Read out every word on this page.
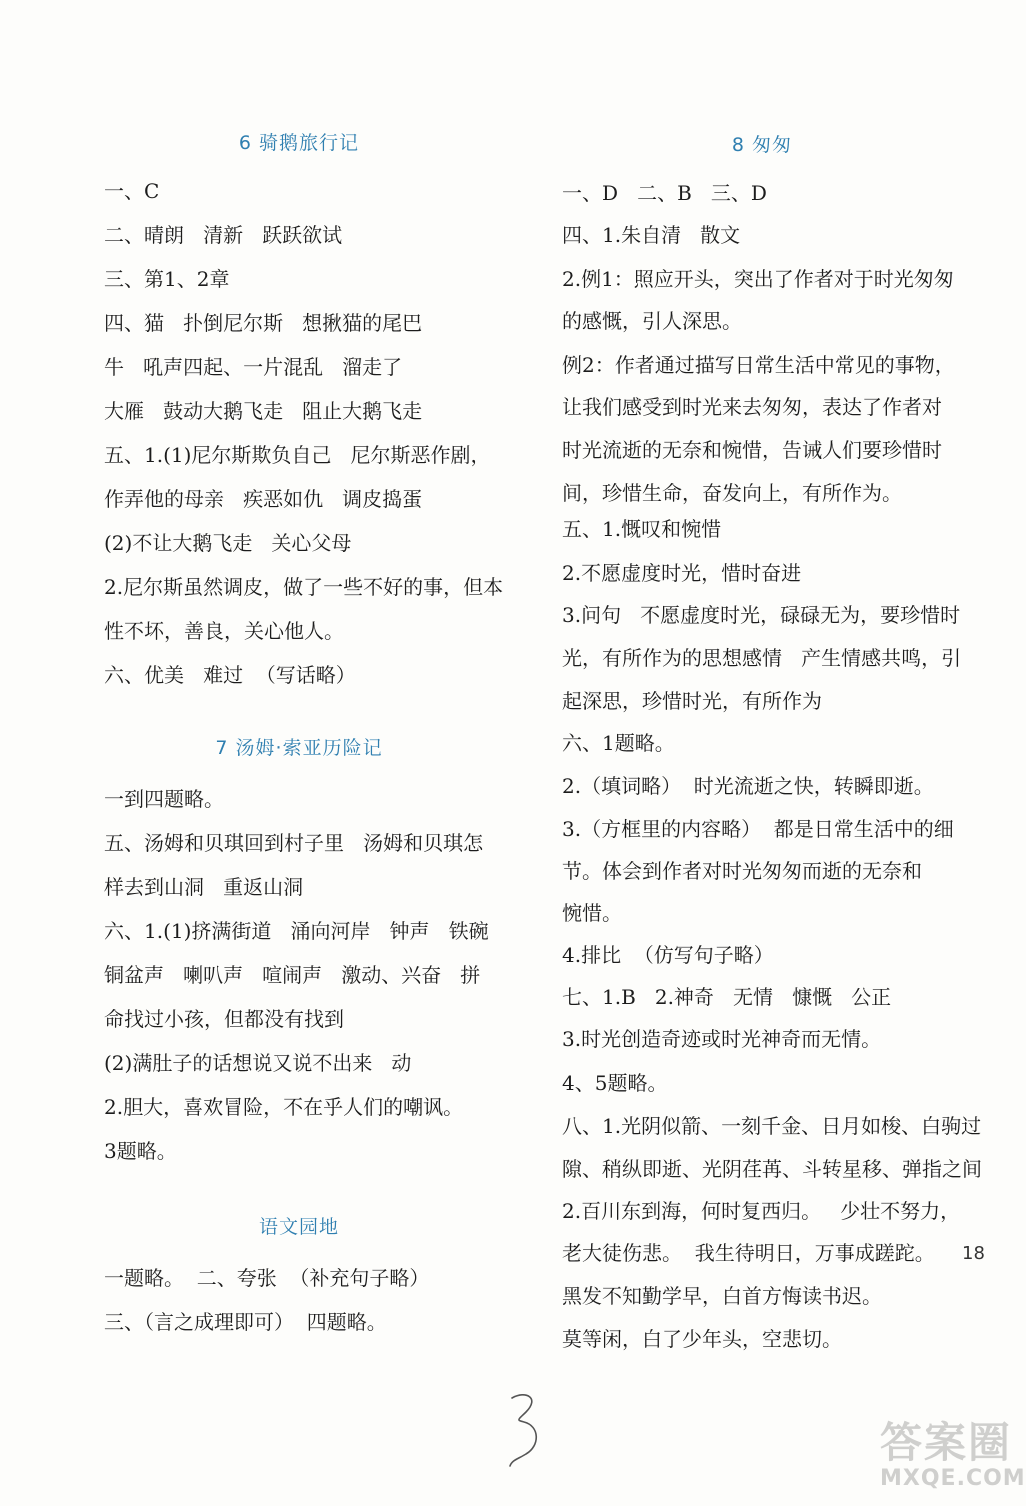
6 骑鹅旅行记
一、C
二、晴朗   清新   跃跃欲试
三、第1、2章
四、猫   扑倒尼尔斯   想揪猫的尾巴
牛   吼声四起、一片混乱   溜走了
大雁   鼓动大鹅飞走   阻止大鹅飞走
五、1.(1)尼尔斯欺负自己   尼尔斯恶作剧，
作弄他的母亲   疾恶如仇   调皮捣蛋
(2)不让大鹅飞走   关心父母
2.尼尔斯虽然调皮，做了一些不好的事，但本
性不坏，善良，关心他人。
六、优美   难过  （写话略）
7 汤姆·索亚历险记
一到四题略。
五、汤姆和贝琪回到村子里   汤姆和贝琪怎
样去到山洞   重返山洞
六、1.(1)挤满街道   涌向河岸   钟声   铁碗
铜盆声   喇叭声   喧闹声   激动、兴奋   拼
命找过小孩，但都没有找到
(2)满肚子的话想说又说不出来   动
2.胆大，喜欢冒险，不在乎人们的嘲讽。
3题略。
语文园地
一题略。  二、夸张  （补充句子略）
三、（言之成理即可）  四题略。
8 匆匆
一、D   二、B   三、D
四、1.朱自清   散文
2.例1：照应开头，突出了作者对于时光匆匆
的感慨，引人深思。
例2：作者通过描写日常生活中常见的事物，
让我们感受到时光来去匆匆，表达了作者对
时光流逝的无奈和惋惜，告诫人们要珍惜时
间，珍惜生命，奋发向上，有所作为。
五、1.慨叹和惋惜
2.不愿虚度时光，惜时奋进
3.问句   不愿虚度时光，碌碌无为，要珍惜时
光，有所作为的思想感情   产生情感共鸣，引
起深思，珍惜时光，有所作为
六、1题略。
2.（填词略）  时光流逝之快，转瞬即逝。
3.（方框里的内容略）  都是日常生活中的细
节。体会到作者对时光匆匆而逝的无奈和
惋惜。
4.排比  （仿写句子略）
七、1.B   2.神奇   无情   慷慨   公正
3.时光创造奇迹或时光神奇而无情。
4、5题略。
八、1.光阴似箭、一刻千金、日月如梭、白驹过
隙、稍纵即逝、光阴荏苒、斗转星移、弹指之间
2.百川东到海，何时复西归。   少壮不努力，
老大徒伤悲。  我生待明日，万事成蹉跎。
黑发不知勤学早，白首方悔读书迟。
莫等闲，白了少年头，空悲切。
18
答案圈
MXQE.COM
